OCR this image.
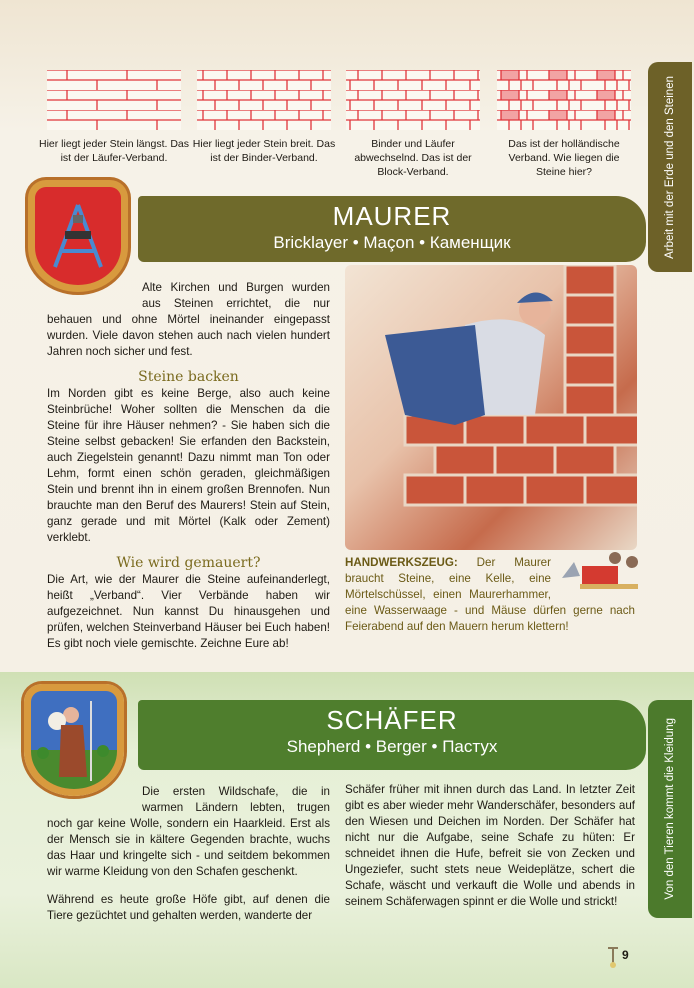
Arbeit mit der Erde und den Steinen
Von den Tieren kommt die Kleidung
Hier liegt jeder Stein längst. Das ist der Läufer-Verband.
Hier liegt jeder Stein breit. Das ist der Binder-Verband.
Binder und Läufer abwechselnd. Das ist der Block-Verband.
Das ist der holländische Verband. Wie liegen die Steine hier?
MAURER
Bricklayer • Maçon • Каменщик
Alte Kirchen und Burgen wurden aus Steinen errichtet, die nur behauen und ohne Mörtel ineinander eingepasst wurden. Viele davon stehen auch nach vielen hundert Jahren noch sicher und fest.
Steine backen
Im Norden gibt es keine Berge, also auch keine Steinbrüche! Woher sollten die Menschen da die Steine für ihre Häuser nehmen? - Sie haben sich die Steine selbst gebacken! Sie erfanden den Backstein, auch Ziegelstein genannt! Dazu nimmt man Ton oder Lehm, formt einen schön geraden, gleichmäßigen Stein und brennt ihn in einem großen Brennofen. Nun brauchte man den Beruf des Maurers! Stein auf Stein, ganz gerade und mit Mörtel (Kalk oder Zement) verklebt.
Wie wird gemauert?
Die Art, wie der Maurer die Steine aufeinanderlegt, heißt „Verband“. Vier Verbände haben wir aufgezeichnet. Nun kannst Du hinausgehen und prüfen, welchen Steinverband Häuser bei Euch haben! Es gibt noch viele gemischte. Zeichne Eure ab!
HANDWERKSZEUG: Der Maurer braucht Steine, eine Kelle, eine Mörtelschüssel, einen Maurerhammer, eine Wasserwaage - und Mäuse dürfen gerne nach Feierabend auf den Mauern herum klettern!
SCHÄFER
Shepherd • Berger • Пастух
Die ersten Wildschafe, die in warmen Ländern lebten, trugen noch gar keine Wolle, sondern ein Haarkleid. Erst als der Mensch sie in kältere Gegenden brachte, wuchs das Haar und kringelte sich - und seitdem bekommen wir warme Kleidung von den Schafen geschenkt.
Während es heute große Höfe gibt, auf denen die Tiere gezüchtet und gehalten werden, wanderte der
Schäfer früher mit ihnen durch das Land. In letzter Zeit gibt es aber wieder mehr Wanderschäfer, besonders auf den Wiesen und Deichen im Norden. Der Schäfer hat nicht nur die Aufgabe, seine Schafe zu hüten: Er schneidet ihnen die Hufe, befreit sie von Zecken und Ungeziefer, sucht stets neue Weideplätze, schert die Schafe, wäscht und verkauft die Wolle und abends in seinem Schäferwagen spinnt er die Wolle und strickt!
9
